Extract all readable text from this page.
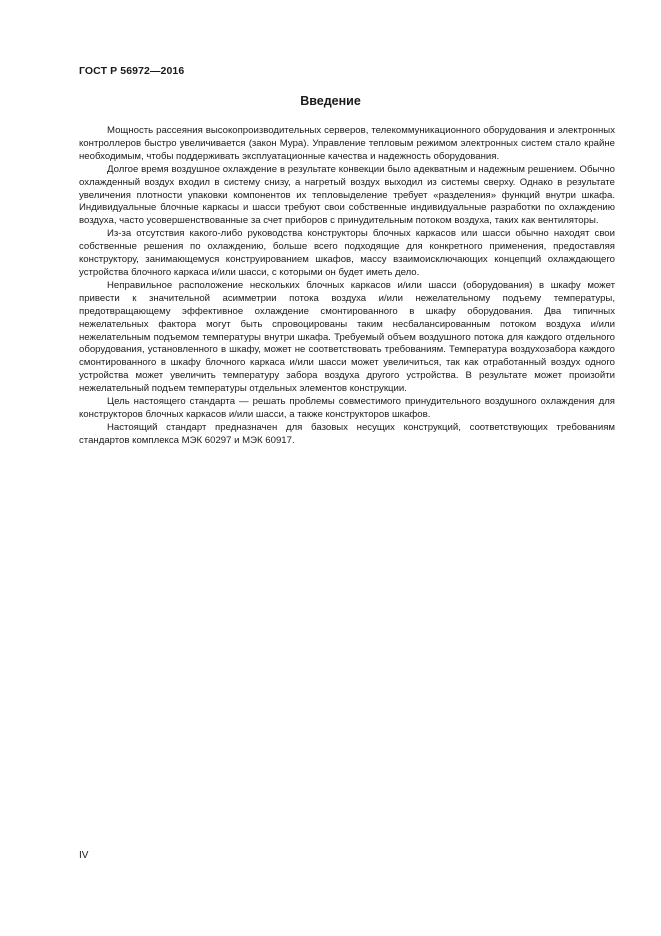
ГОСТ Р 56972—2016
Введение

Мощность рассеяния высокопроизводительных серверов, телекоммуникационного оборудования и электронных контроллеров быстро увеличивается (закон Мура). Управление тепловым режимом электронных систем стало крайне необходимым, чтобы поддерживать эксплуатационные качества и надежность оборудования.

Долгое время воздушное охлаждение в результате конвекции было адекватным и надежным решением. Обычно охлажденный воздух входил в систему снизу, а нагретый воздух выходил из системы сверху. Однако в результате увеличения плотности упаковки компонентов их тепловыделение требует «разделения» функций внутри шкафа. Индивидуальные блочные каркасы и шасси требуют свои собственные индивидуальные разработки по охлаждению воздуха, часто усовершенствованные за счет приборов с принудительным потоком воздуха, таких как вентиляторы.

Из-за отсутствия какого-либо руководства конструкторы блочных каркасов или шасси обычно находят свои собственные решения по охлаждению, больше всего подходящие для конкретного применения, предоставляя конструктору, занимающемуся конструированием шкафов, массу взаимоисключающих концепций охлаждающего устройства блочного каркаса и/или шасси, с которыми он будет иметь дело.

Неправильное расположение нескольких блочных каркасов и/или шасси (оборудования) в шкафу может привести к значительной асимметрии потока воздуха и/или нежелательному подъему температуры, предотвращающему эффективное охлаждение смонтированного в шкафу оборудования. Два типичных нежелательных фактора могут быть спровоцированы таким несбалансированным потоком воздуха и/или нежелательным подъемом температуры внутри шкафа. Требуемый объем воздушного потока для каждого отдельного оборудования, установленного в шкафу, может не соответствовать требованиям. Температура воздухозабора каждого смонтированного в шкафу блочного каркаса и/или шасси может увеличиться, так как отработанный воздух одного устройства может увеличить температуру забора воздуха другого устройства. В результате может произойти нежелательный подъем температуры отдельных элементов конструкции.

Цель настоящего стандарта — решать проблемы совместимого принудительного воздушного охлаждения для конструкторов блочных каркасов и/или шасси, а также конструкторов шкафов.

Настоящий стандарт предназначен для базовых несущих конструкций, соответствующих требованиям стандартов комплекса МЭК 60297 и МЭК 60917.

IV
